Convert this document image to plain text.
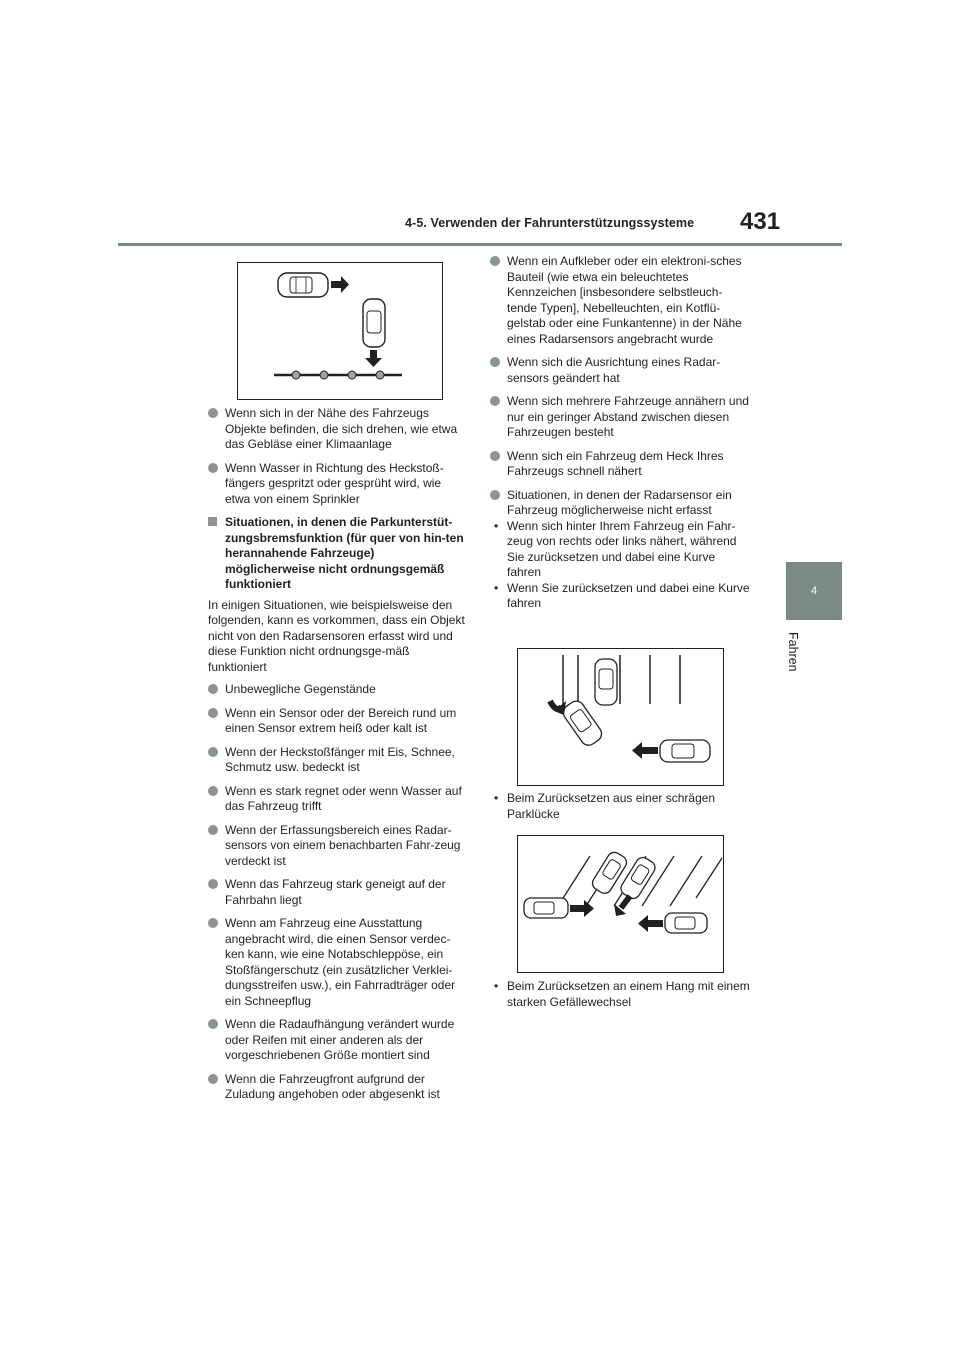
4-5. Verwenden der Fahrunterstützungssysteme 431
4
Fahren
Wenn sich in der Nähe des Fahrzeugs Objekte befinden, die sich drehen, wie etwa das Gebläse einer Klimaanlage
Wenn Wasser in Richtung des Heckstoß-fängers gespritzt oder gesprüht wird, wie etwa von einem Sprinkler
Situationen, in denen die Parkunterstüt-zungsbremsfunktion (für quer von hin-ten herannahende Fahrzeuge) möglicherweise nicht ordnungsgemäß funktioniert
In einigen Situationen, wie beispielsweise den folgenden, kann es vorkommen, dass ein Objekt nicht von den Radarsensoren erfasst wird und diese Funktion nicht ordnungsge-mäß funktioniert
Unbewegliche Gegenstände
Wenn ein Sensor oder der Bereich rund um einen Sensor extrem heiß oder kalt ist
Wenn der Heckstoßfänger mit Eis, Schnee, Schmutz usw. bedeckt ist
Wenn es stark regnet oder wenn Wasser auf das Fahrzeug trifft
Wenn der Erfassungsbereich eines Radar-sensors von einem benachbarten Fahr-zeug verdeckt ist
Wenn das Fahrzeug stark geneigt auf der Fahrbahn liegt
Wenn am Fahrzeug eine Ausstattung angebracht wird, die einen Sensor verdec-ken kann, wie eine Notabschleppöse, ein Stoßfängerschutz (ein zusätzlicher Verklei-dungsstreifen usw.), ein Fahrradträger oder ein Schneepflug
Wenn die Radaufhängung verändert wurde oder Reifen mit einer anderen als der vorgeschriebenen Größe montiert sind
Wenn die Fahrzeugfront aufgrund der Zuladung angehoben oder abgesenkt ist
Wenn ein Aufkleber oder ein elektroni-sches Bauteil (wie etwa ein beleuchtetes Kennzeichen [insbesondere selbstleuch-tende Typen], Nebelleuchten, ein Kotflü-gelstab oder eine Funkantenne) in der Nähe eines Radarsensors angebracht wurde
Wenn sich die Ausrichtung eines Radar-sensors geändert hat
Wenn sich mehrere Fahrzeuge annähern und nur ein geringer Abstand zwischen diesen Fahrzeugen besteht
Wenn sich ein Fahrzeug dem Heck Ihres Fahrzeugs schnell nähert
Situationen, in denen der Radarsensor ein Fahrzeug möglicherweise nicht erfasst
• Wenn sich hinter Ihrem Fahrzeug ein Fahr-zeug von rechts oder links nähert, während Sie zurücksetzen und dabei eine Kurve fahren
• Wenn Sie zurücksetzen und dabei eine Kurve fahren
• Beim Zurücksetzen aus einer schrägen Parklücke
• Beim Zurücksetzen an einem Hang mit einem starken Gefällewechsel
